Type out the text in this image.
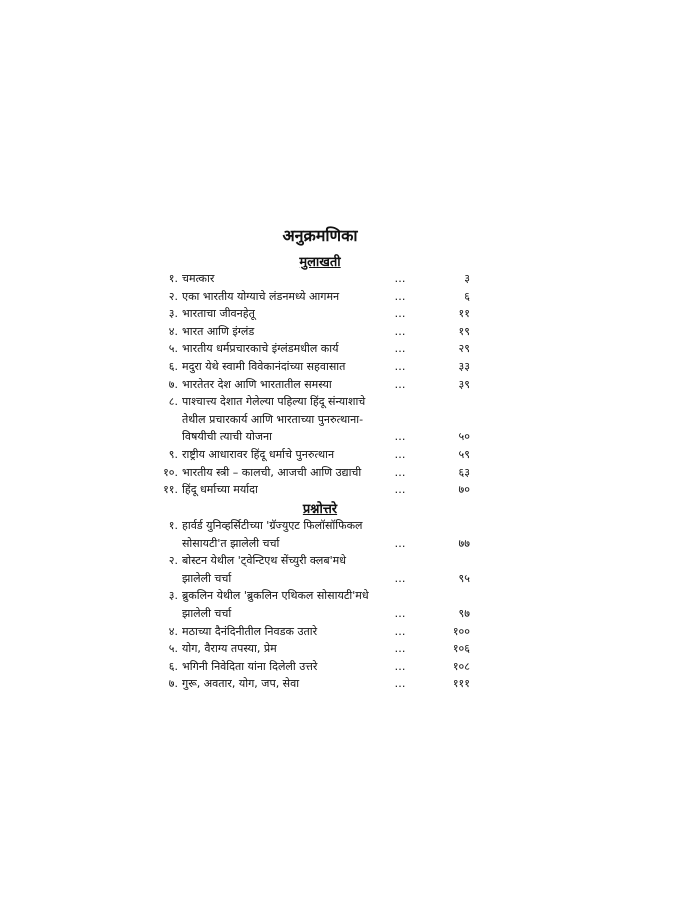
अनुक्रमणिका
मुलाखती
१. चमत्कार	…	३
२. एका भारतीय योग्याचे लंडनमध्ये आगमन	…	६
३. भारताचा जीवनहेतू	…	११
४. भारत आणि इंग्लंड	…	१९
५. भारतीय धर्मप्रचारकाचे इंग्लंडमधील कार्य	…	२९
६. मदुरा येथे स्वामी विवेकानंदांच्या सहवासात	…	३३
७. भारतेतर देश आणि भारतातील समस्या	…	३९
८. पाश्चात्त्य देशात गेलेल्या पहिल्या हिंदू संन्याशाचे
तेथील प्रचारकार्य आणि भारताच्या पुनरुत्थाना-
विषयीची त्याची योजना	…	५०
९. राष्ट्रीय आधारावर हिंदू धर्माचे पुनरुत्थान	…	५९
१०. भारतीय स्त्री – कालची, आजची आणि उद्याची	…	६३
११. हिंदू धर्माच्या मर्यादा	…	७०
प्रश्नोत्तरे
१. हार्वर्ड युनिव्हर्सिटीच्या 'ग्रॅज्युएट फिलॉसॉफिकल
सोसायटी'त झालेली चर्चा	…	७७
२. बोस्टन येथील 'ट्वेन्टिएथ सेंच्युरी क्लब'मधे
झालेली चर्चा	…	९५
३. ब्रुकलिन येथील 'ब्रुकलिन एथिकल सोसायटी'मधे
झालेली चर्चा	…	९७
४. मठाच्या दैनंदिनीतील निवडक उतारे	…	१००
५. योग, वैराग्य तपस्या, प्रेम	…	१०६
६. भगिनी निवेदिता यांना दिलेली उत्तरे	…	१०८
७. गुरू, अवतार, योग, जप, सेवा	…	१११
